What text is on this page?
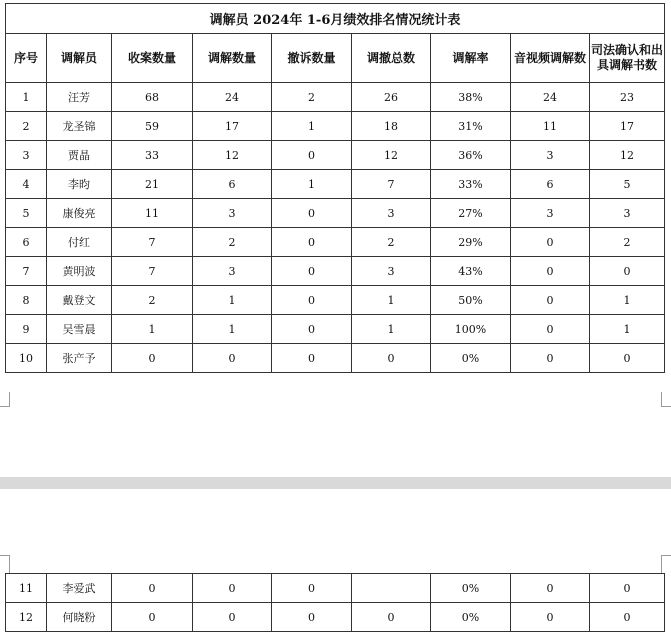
调解员 2024年 1-6月绩效排名情况统计表								
序号	调解员	收案数量	调解数量	撤诉数量	调撤总数	调解率	音视频调解数	司法确认和出具调解书数
1	汪芳	68	24	2	26	38%	24	23
2	龙圣锦	59	17	1	18	31%	11	17
3	贾晶	33	12	0	12	36%	3	12
4	李昀	21	6	1	7	33%	6	5
5	康俊亮	11	3	0	3	27%	3	3
6	付红	7	2	0	2	29%	0	2
7	黄明波	7	3	0	3	43%	0	0
8	戴登文	2	1	0	1	50%	0	1
9	吴雪晨	1	1	0	1	100%	0	1
10	张产予	0	0	0	0	0%	0	0
11	李爱武	0	0	0		0%	0	0
12	何晓粉	0	0	0	0	0%	0	0
